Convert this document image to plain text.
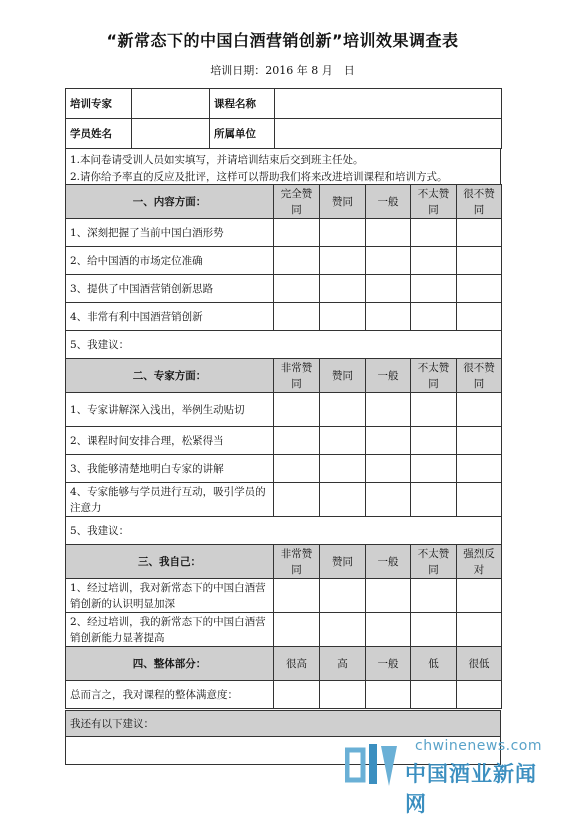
“新常态下的中国白酒营销创新”培训效果调查表
培训日期：2016 年 8 月　日
培训专家		课程名称	
学员姓名		所属单位	
1.本问卷请受训人员如实填写，并请培训结束后交到班主任处。
2.请你给予率直的反应及批评，这样可以帮助我们将来改进培训课程和培训方式。
一、内容方面：	完全赞同	赞同	一般	不太赞同	很不赞同
1、深刻把握了当前中国白酒形势					
2、给中国酒的市场定位准确					
3、提供了中国酒营销创新思路					
4、非常有利中国酒营销创新					
5、我建议：					
二、专家方面：	非常赞同	赞同	一般	不太赞同	很不赞同
1、专家讲解深入浅出，举例生动贴切					
2、课程时间安排合理，松紧得当					
3、我能够清楚地明白专家的讲解					
4、专家能够与学员进行互动，吸引学员的注意力					
5、我建议：					
三、我自己：	非常赞同	赞同	一般	不太赞同	强烈反对
1、经过培训，我对新常态下的中国白酒营销创新的认识明显加深					
2、经过培训，我的新常态下的中国白酒营销创新能力显著提高					
四、整体部分：	很高	高	一般	低	很低
总而言之，我对课程的整体满意度：					
我还有以下建议：

chwinenews.com
中国酒业新闻网
